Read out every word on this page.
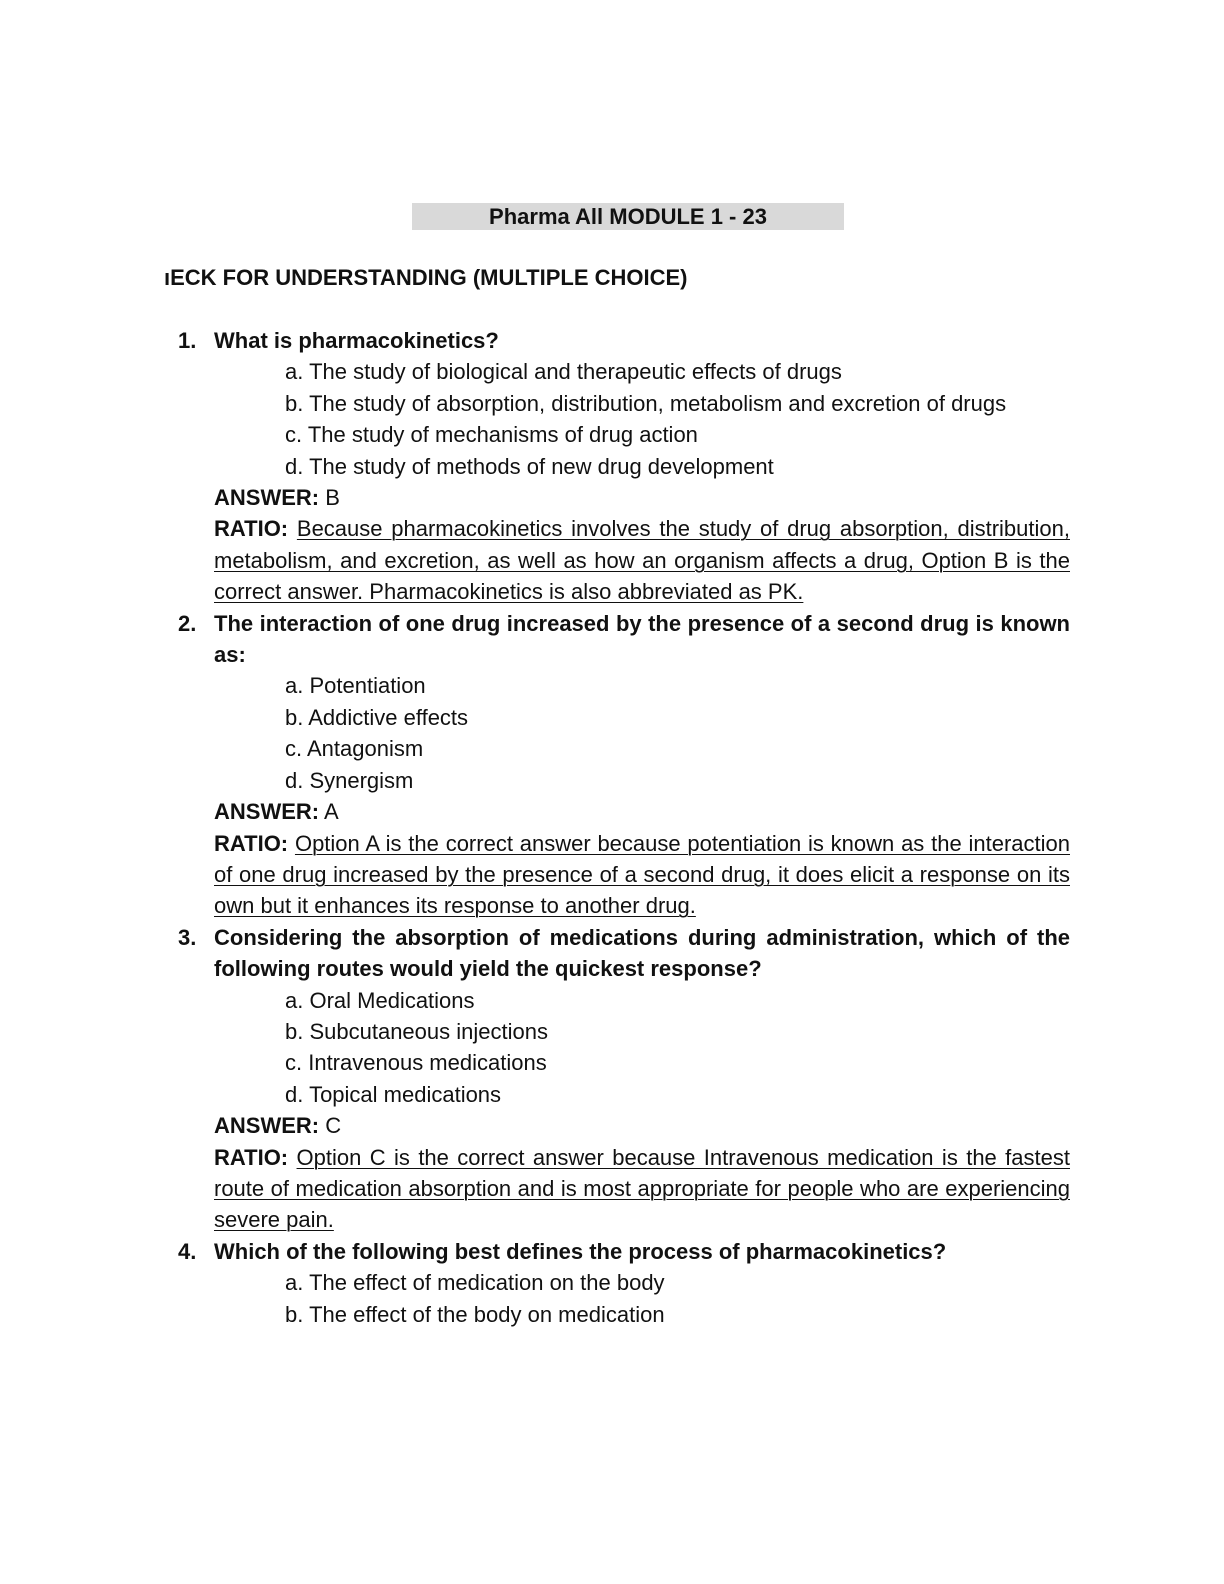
Pharma All MODULE 1 - 23
ıECK FOR UNDERSTANDING (MULTIPLE CHOICE)
1. What is pharmacokinetics?
a. The study of biological and therapeutic effects of drugs
b. The study of absorption, distribution, metabolism and excretion of drugs
c. The study of mechanisms of drug action
d. The study of methods of new drug development
ANSWER: B
RATIO: Because pharmacokinetics involves the study of drug absorption, distribution, metabolism, and excretion, as well as how an organism affects a drug, Option B is the correct answer. Pharmacokinetics is also abbreviated as PK.
2. The interaction of one drug increased by the presence of a second drug is known as:
a. Potentiation
b. Addictive effects
c. Antagonism
d. Synergism
ANSWER: A
RATIO: Option A is the correct answer because potentiation is known as the interaction of one drug increased by the presence of a second drug, it does elicit a response on its own but it enhances its response to another drug.
3. Considering the absorption of medications during administration, which of the following routes would yield the quickest response?
a. Oral Medications
b. Subcutaneous injections
c. Intravenous medications
d. Topical medications
ANSWER: C
RATIO: Option C is the correct answer because Intravenous medication is the fastest route of medication absorption and is most appropriate for people who are experiencing severe pain.
4. Which of the following best defines the process of pharmacokinetics?
a. The effect of medication on the body
b. The effect of the body on medication
